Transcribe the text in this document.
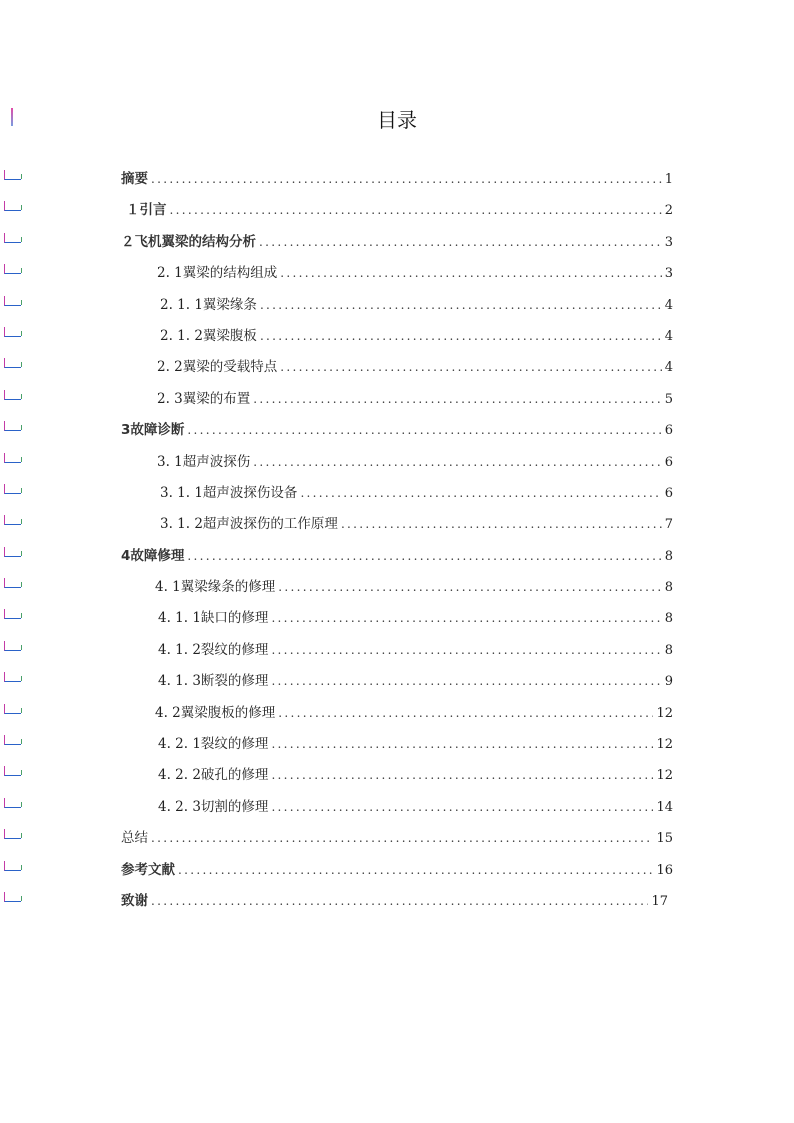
目录
摘要 .....	1
１引言 .....	2
２飞机翼梁的结构分析 .....	3
2. 1翼梁的结构组成 .....	3
2. 1. 1翼梁缘条 .....	4
2. 1. 2翼梁腹板 .....	4
2. 2翼梁的受载特点 .....	4
2. 3翼梁的布置 .....	5
3故障诊断 .....	6
3. 1超声波探伤 .....	6
3. 1. 1超声波探伤设备 .....	6
3. 1. 2超声波探伤的工作原理 .....	7
4故障修理 .....	8
4. 1翼梁缘条的修理 .....	8
4. 1. 1缺口的修理 .....	8
4. 1. 2裂纹的修理 .....	8
4. 1. 3断裂的修理 .....	9
4. 2翼梁腹板的修理 .....	12
4. 2. 1裂纹的修理 .....	12
4. 2. 2破孔的修理 .....	12
4. 2. 3切割的修理 .....	14
总结 .....	15
参考文献 .....	16
致谢 .....	17
